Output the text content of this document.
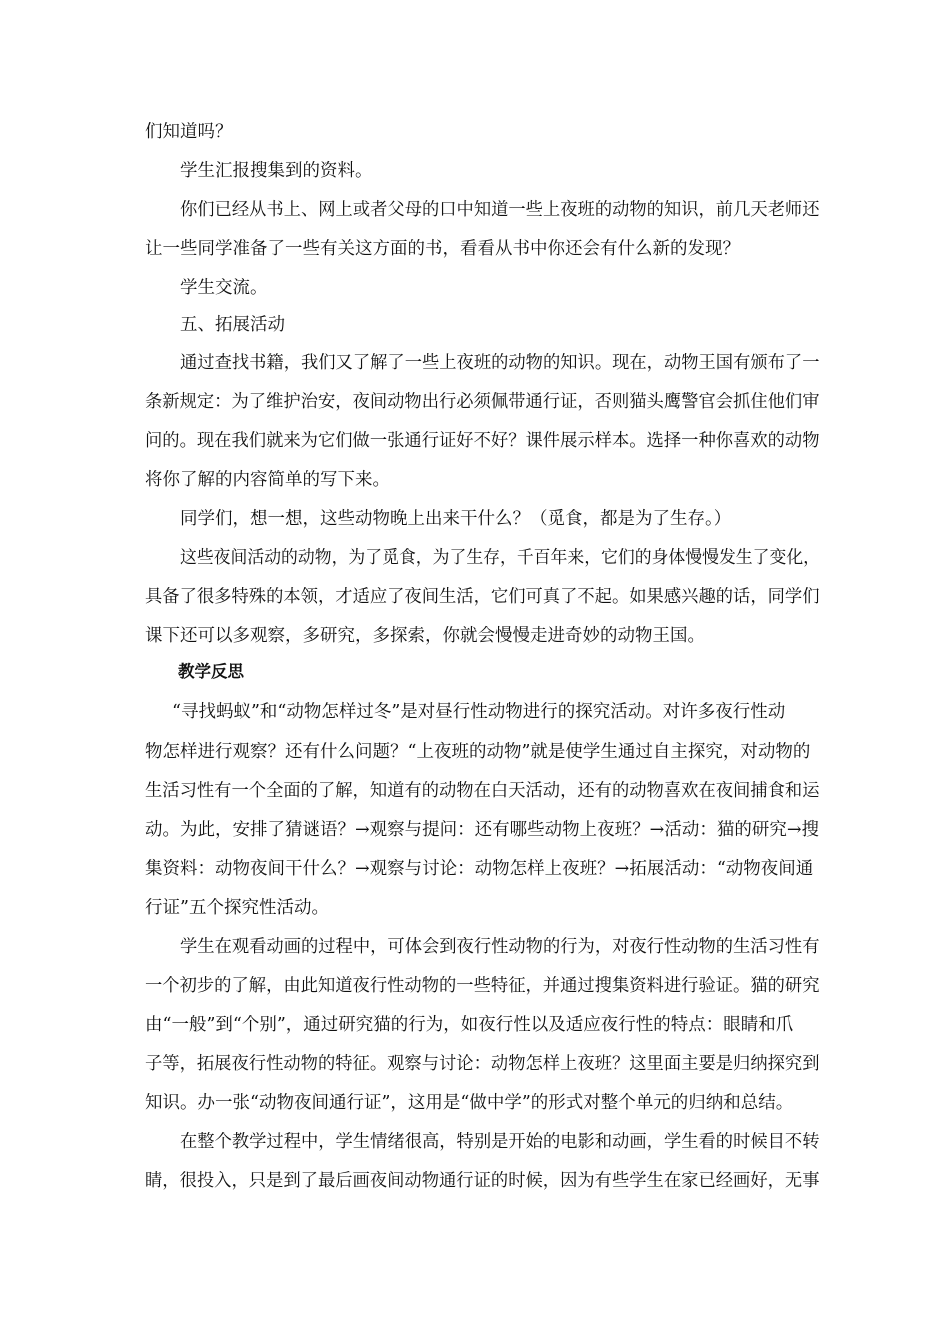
们知道吗？
学生汇报搜集到的资料。
你们已经从书上、网上或者父母的口中知道一些上夜班的动物的知识，前几天老师还
让一些同学准备了一些有关这方面的书，看看从书中你还会有什么新的发现？
学生交流。
五、拓展活动
通过查找书籍，我们又了解了一些上夜班的动物的知识。现在，动物王国有颁布了一
条新规定：为了维护治安，夜间动物出行必须佩带通行证，否则猫头鹰警官会抓住他们审
问的。现在我们就来为它们做一张通行证好不好？课件展示样本。选择一种你喜欢的动物
将你了解的内容简单的写下来。
同学们，想一想，这些动物晚上出来干什么？（觅食，都是为了生存。）
这些夜间活动的动物，为了觅食，为了生存，千百年来，它们的身体慢慢发生了变化，
具备了很多特殊的本领，才适应了夜间生活，它们可真了不起。如果感兴趣的话，同学们
课下还可以多观察，多研究，多探索，你就会慢慢走进奇妙的动物王国。
教学反思
“寻找蚂蚁”和“动物怎样过冬”是对昼行性动物进行的探究活动。对许多夜行性动
物怎样进行观察？还有什么问题？“上夜班的动物”就是使学生通过自主探究，对动物的
生活习性有一个全面的了解，知道有的动物在白天活动，还有的动物喜欢在夜间捕食和运
动。为此，安排了猜谜语？→观察与提问：还有哪些动物上夜班？→活动：猫的研究→搜
集资料：动物夜间干什么？→观察与讨论：动物怎样上夜班？→拓展活动：“动物夜间通
行证”五个探究性活动。
学生在观看动画的过程中，可体会到夜行性动物的行为，对夜行性动物的生活习性有
一个初步的了解，由此知道夜行性动物的一些特征，并通过搜集资料进行验证。猫的研究
由“一般”到“个别”，通过研究猫的行为，如夜行性以及适应夜行性的特点：眼睛和爪
子等，拓展夜行性动物的特征。观察与讨论：动物怎样上夜班？这里面主要是归纳探究到
知识。办一张“动物夜间通行证”，这用是“做中学”的形式对整个单元的归纳和总结。
在整个教学过程中，学生情绪很高，特别是开始的电影和动画，学生看的时候目不转
睛，很投入，只是到了最后画夜间动物通行证的时候，因为有些学生在家已经画好，无事
